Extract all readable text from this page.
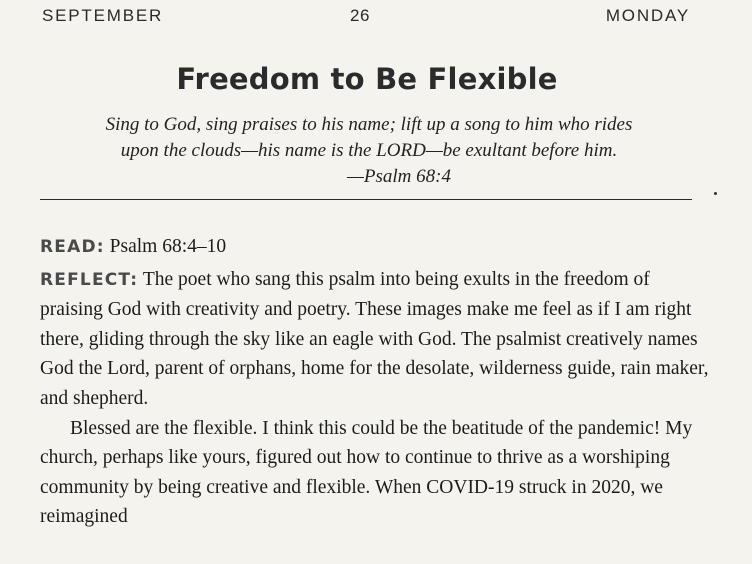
SEPTEMBER	26	MONDAY
Freedom to Be Flexible
Sing to God, sing praises to his name; lift up a song to him who rides
upon the clouds—his name is the LORD—be exultant before him.

—Psalm 68:4

READ: Psalm 68:4–10

REFLECT: The poet who sang this psalm into being exults in the freedom of praising God with creativity and poetry. These images make me feel as if I am right there, gliding through the sky like an eagle with God. The psalmist creatively names God the Lord, parent of orphans, home for the desolate, wilderness guide, rain maker, and shepherd.

Blessed are the flexible. I think this could be the beatitude of the pandemic! My church, perhaps like yours, figured out how to continue to thrive as a worshiping community by being creative and flexible. When COVID-19 struck in 2020, we reimagined
